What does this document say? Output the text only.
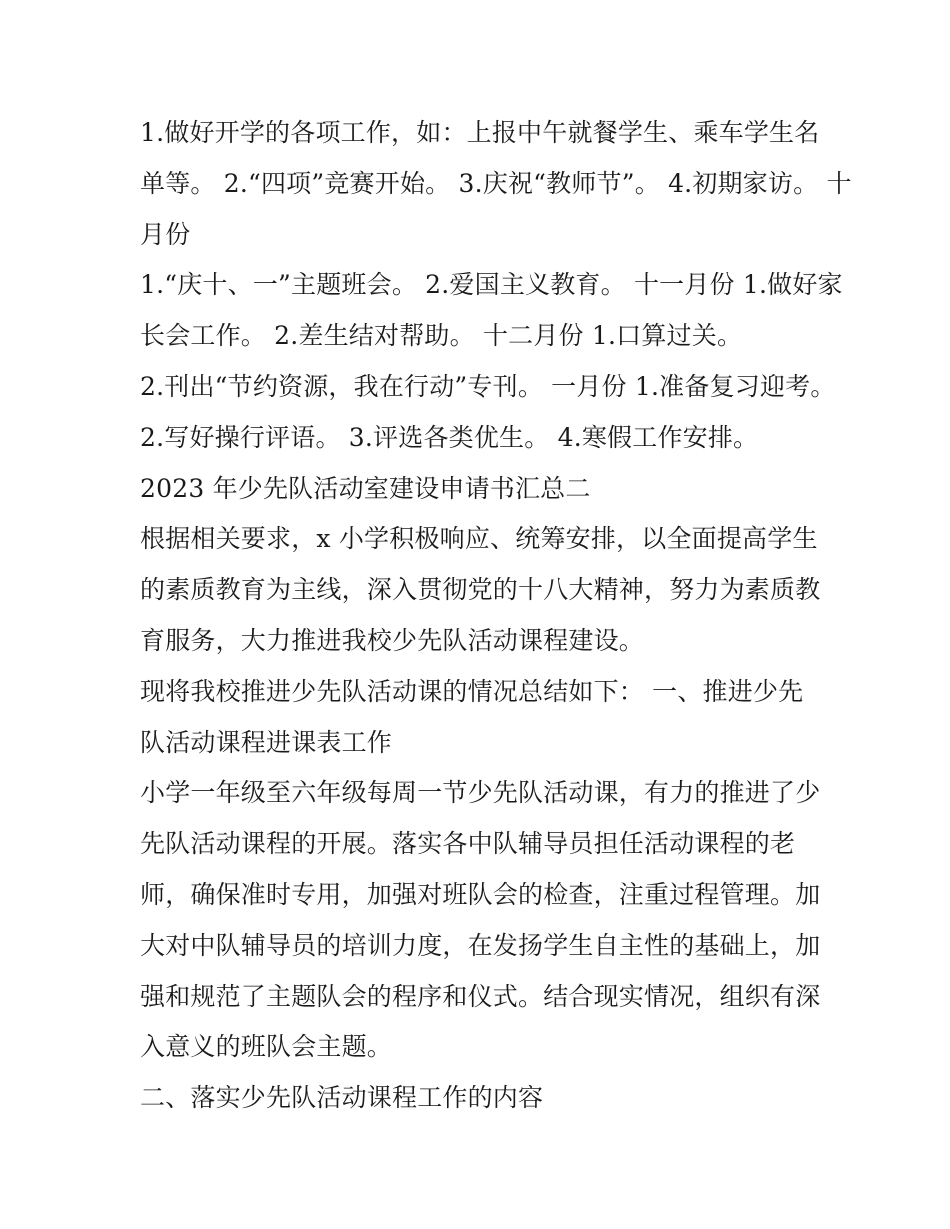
1.做好开学的各项工作，如：上报中午就餐学生、乘车学生名
单等。 2.“四项”竞赛开始。 3.庆祝“教师节”。 4.初期家访。 十
月份
1.“庆十、一”主题班会。 2.爱国主义教育。 十一月份 1.做好家
长会工作。 2.差生结对帮助。 十二月份 1.口算过关。
2.刊出“节约资源，我在行动”专刊。 一月份 1.准备复习迎考。
2.写好操行评语。 3.评选各类优生。 4.寒假工作安排。
2023 年少先队活动室建设申请书汇总二
根据相关要求，x 小学积极响应、统筹安排，以全面提高学生
的素质教育为主线，深入贯彻党的十八大精神，努力为素质教
育服务，大力推进我校少先队活动课程建设。
现将我校推进少先队活动课的情况总结如下： 一、推进少先
队活动课程进课表工作
小学一年级至六年级每周一节少先队活动课，有力的推进了少
先队活动课程的开展。落实各中队辅导员担任活动课程的老
师，确保准时专用，加强对班队会的检查，注重过程管理。加
大对中队辅导员的培训力度，在发扬学生自主性的基础上，加
强和规范了主题队会的程序和仪式。结合现实情况，组织有深
入意义的班队会主题。
二、落实少先队活动课程工作的内容
